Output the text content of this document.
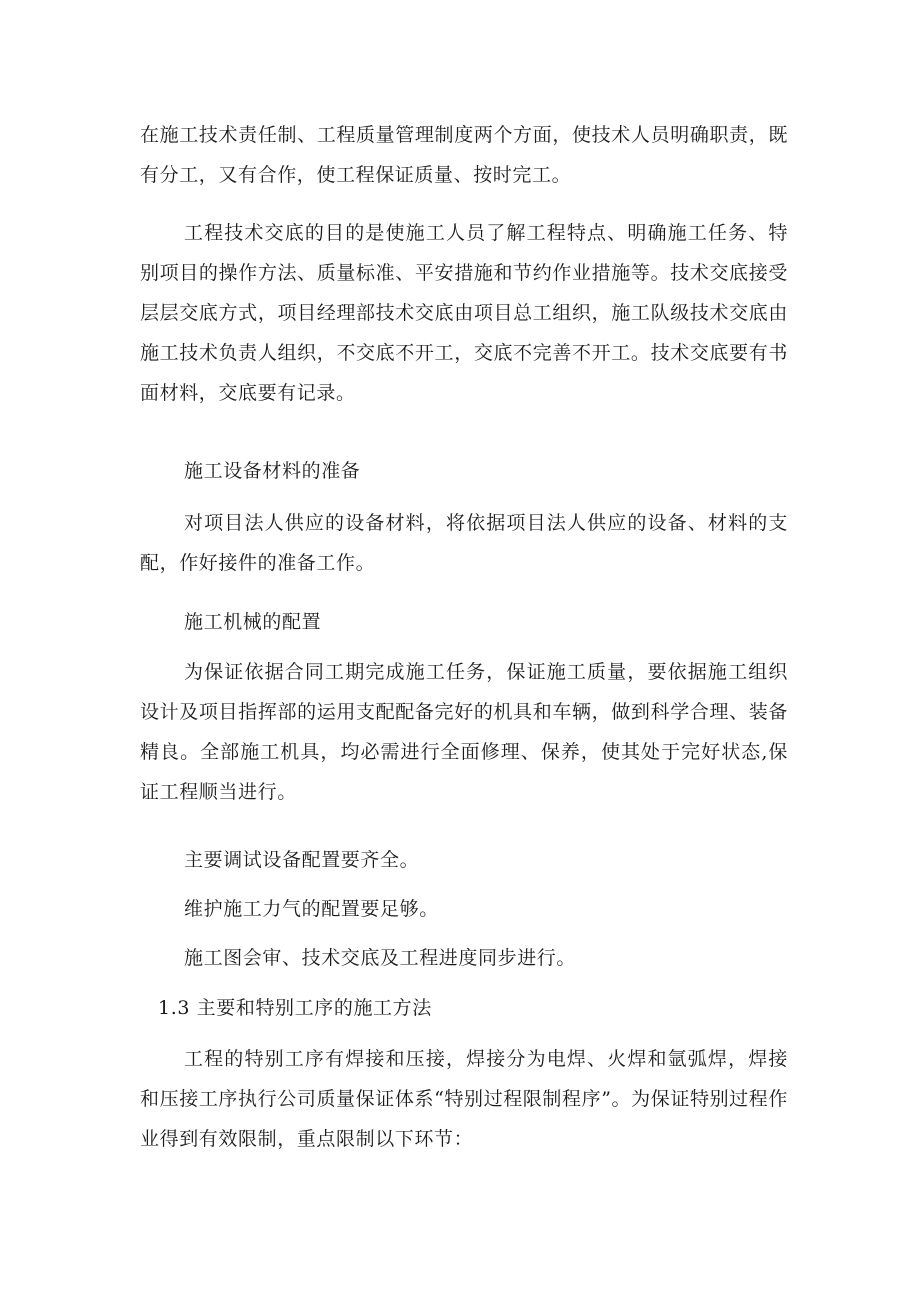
在施工技术责任制、工程质量管理制度两个方面，使技术人员明确职责，既有分工，又有合作，使工程保证质量、按时完工。

工程技术交底的目的是使施工人员了解工程特点、明确施工任务、特别项目的操作方法、质量标准、平安措施和节约作业措施等。技术交底接受层层交底方式，项目经理部技术交底由项目总工组织，施工队级技术交底由施工技术负责人组织，不交底不开工，交底不完善不开工。技术交底要有书面材料，交底要有记录。

施工设备材料的准备

对项目法人供应的设备材料，将依据项目法人供应的设备、材料的支配，作好接件的准备工作。

施工机械的配置

为保证依据合同工期完成施工任务，保证施工质量，要依据施工组织设计及项目指挥部的运用支配配备完好的机具和车辆，做到科学合理、装备精良。全部施工机具，均必需进行全面修理、保养，使其处于完好状态,保证工程顺当进行。

主要调试设备配置要齐全。

维护施工力气的配置要足够。

施工图会审、技术交底及工程进度同步进行。

1.3 主要和特别工序的施工方法

工程的特别工序有焊接和压接，焊接分为电焊、火焊和氩弧焊，焊接和压接工序执行公司质量保证体系“特别过程限制程序”。为保证特别过程作业得到有效限制，重点限制以下环节：
